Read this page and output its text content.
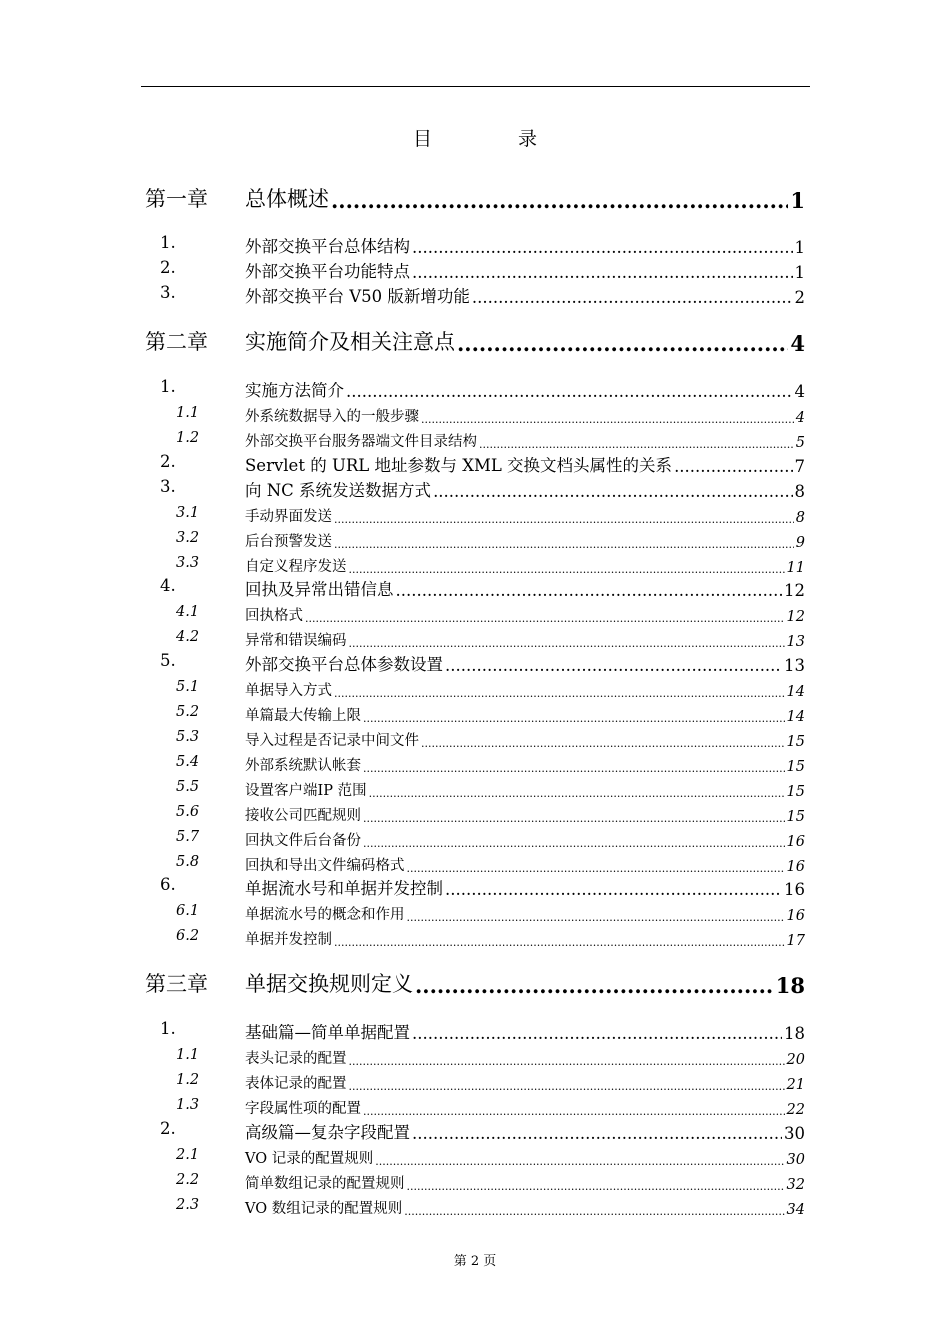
目	录
第一章 总体概述 .....	1
1.	外部交换平台总体结构 .....	1
2.	外部交换平台功能特点 .....	1
3.	外部交换平台 V50 版新增功能 .....	2
第二章 实施简介及相关注意点 .....	4
1.	实施方法简介 .....	4
1.1	外系统数据导入的一般步骤 .....	4
1.2	外部交换平台服务器端文件目录结构 .....	5
2.	Servlet 的 URL 地址参数与 XML 交换文档头属性的关系 .....	7
3.	向 NC 系统发送数据方式 .....	8
3.1	手动界面发送 .....	8
3.2	后台预警发送 .....	9
3.3	自定义程序发送 .....	11
4.	回执及异常出错信息 .....	12
4.1	回执格式 .....	12
4.2	异常和错误编码 .....	13
5.	外部交换平台总体参数设置 .....	13
5.1	单据导入方式 .....	14
5.2	单篇最大传输上限 .....	14
5.3	导入过程是否记录中间文件 .....	15
5.4	外部系统默认帐套 .....	15
5.5	设置客户端IP 范围 .....	15
5.6	接收公司匹配规则 .....	15
5.7	回执文件后台备份 .....	16
5.8	回执和导出文件编码格式 .....	16
6.	单据流水号和单据并发控制 .....	16
6.1	单据流水号的概念和作用 .....	16
6.2	单据并发控制 .....	17
第三章 单据交换规则定义 .....	18
1.	基础篇—简单单据配置 .....	18
1.1	表头记录的配置 .....	20
1.2	表体记录的配置 .....	21
1.3	字段属性项的配置 .....	22
2.	高级篇—复杂字段配置 .....	30
2.1	VO 记录的配置规则 .....	30
2.2	简单数组记录的配置规则 .....	32
2.3	VO 数组记录的配置规则 .....	34
第 2 页
